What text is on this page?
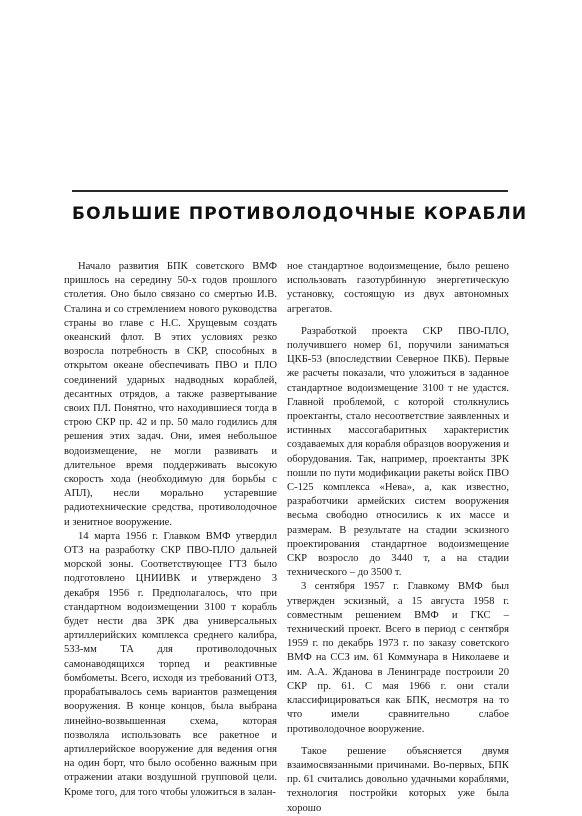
БОЛЬШИЕ ПРОТИВОЛОДОЧНЫЕ КОРАБЛИ

Начало развития БПК советского ВМФ пришлось на середину 50-х годов прошлого столетия. Оно было связано со смертью И.В. Сталина и со стремлением нового руководства страны во главе с Н.С. Хрущевым создать океанский флот. В этих условиях резко возросла потребность в СКР, способных в открытом океане обеспечивать ПВО и ПЛО соединений ударных надводных кораблей, десантных отрядов, а также развертывание своих ПЛ. Понятно, что находившиеся тогда в строю СКР пр. 42 и пр. 50 мало годились для решения этих задач. Они, имея небольшое водоизмещение, не могли развивать и длительное время поддерживать высокую скорость хода (необходимую для борьбы с АПЛ), несли морально устаревшие радиотехнические средства, противолодочное и зенитное вооружение.

14 марта 1956 г. Главком ВМФ утвердил ОТЗ на разработку СКР ПВО-ПЛО дальней морской зоны. Соответствующее ГТЗ было подготовлено ЦНИИВК и утверждено 3 декабря 1956 г. Предполагалось, что при стандартном водоизмещении 3100 т корабль будет нести два ЗРК два универсальных артиллерийских комплекса среднего калибра, 533-мм ТА для противолодочных самонаводящихся торпед и реактивные бомбометы. Всего, исходя из требований ОТЗ, прорабатывалось семь вариантов размещения вооружения. В конце концов, была выбрана линейно-возвышенная схема, которая позволяла использовать все ракетное и артиллерийское вооружение для ведения огня на один борт, что было особенно важным при отражении атаки воздушной групповой цели. Кроме того, для того чтобы уложиться в залан-

ное стандартное водоизмещение, было решено использовать газотурбинную энергетическую установку, состоящую из двух автономных агрегатов.

Разработкой проекта СКР ПВО-ПЛО, получившего номер 61, поручили заниматься ЦКБ-53 (впоследствии Северное ПКБ). Первые же расчеты показали, что уложиться в заданное стандартное водоизмещение 3100 т не удастся. Главной проблемой, с которой столкнулись проектанты, стало несоответствие заявленных и истинных массогабаритных характеристик создаваемых для корабля образцов вооружения и оборудования. Так, например, проектанты ЗРК пошли по пути модификации ракеты войск ПВО С-125 комплекса «Нева», а, как известно, разработчики армейских систем вооружения весьма свободно относились к их массе и размерам. В результате на стадии эскизного проектирования стандартное водоизмещение СКР возросло до 3440 т, а на стадии технического – до 3500 т.

3 сентября 1957 г. Главкому ВМФ был утвержден эскизный, а 15 августа 1958 г. совместным решением ВМФ и ГКС – технический проект. Всего в период с сентября 1959 г. по декабрь 1973 г. по заказу советского ВМФ на ССЗ им. 61 Коммунара в Николаеве и им. А.А. Жданова в Ленинграде построили 20 СКР пр. 61. С мая 1966 г. они стали классифицироваться как БПК, несмотря на то что имели сравнительно слабое противолодочное вооружение.

Такое решение объясняется двумя взаимосвязанными причинами. Во-первых, БПК пр. 61 считались довольно удачными кораблями, технология постройки которых уже была хорошо
